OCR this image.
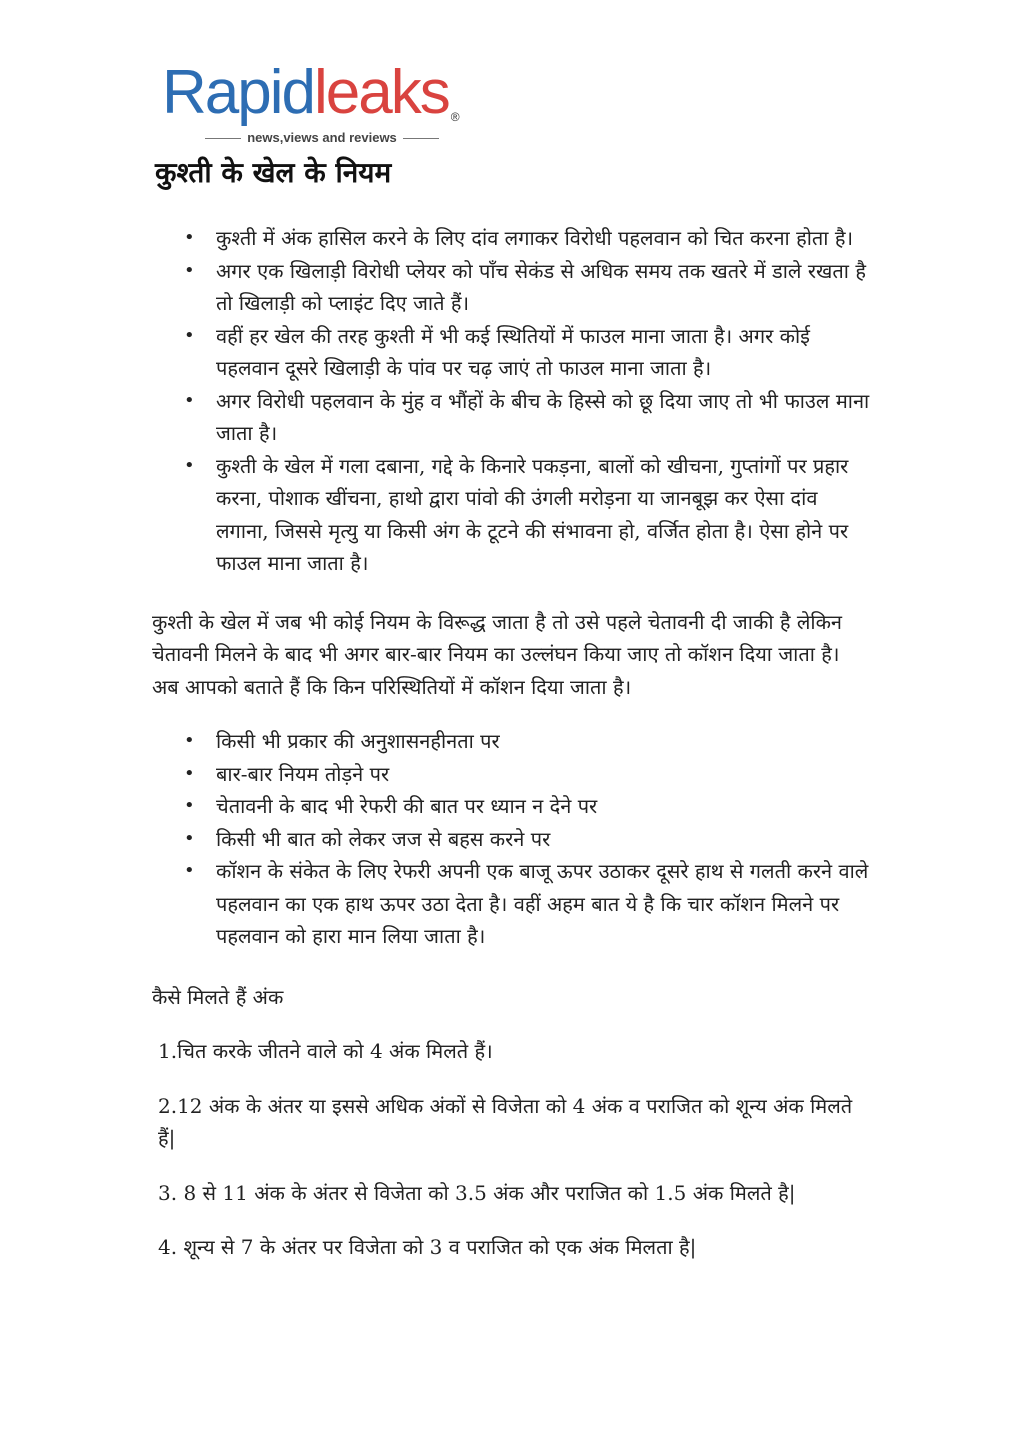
Rapidleaks ®
news,views and reviews
कुश्ती के खेल के नियम
• कुश्ती में अंक हासिल करने के लिए दांव लगाकर विरोधी पहलवान को चित करना होता है।
• अगर एक खिलाड़ी विरोधी प्लेयर को पाँच सेकंड से अधिक समय तक खतरे में डाले रखता है तो खिलाड़ी को प्लाइंट दिए जाते हैं।
• वहीं हर खेल की तरह कुश्ती में भी कई स्थितियों में फाउल माना जाता है। अगर कोई पहलवान दूसरे खिलाड़ी के पांव पर चढ़ जाएं तो फाउल माना जाता है।
• अगर विरोधी पहलवान के मुंह व भौंहों के बीच के हिस्से को छू दिया जाए तो भी फाउल माना जाता है।
• कुश्ती के खेल में गला दबाना, गद्दे के किनारे पकड़ना, बालों को खीचना, गुप्तांगों पर प्रहार करना, पोशाक खींचना, हाथो द्वारा पांवो की उंगली मरोड़ना या जानबूझ कर ऐसा दांव लगाना, जिससे मृत्यु या किसी अंग के टूटने की संभावना हो, वर्जित होता है। ऐसा होने पर फाउल माना जाता है।

कुश्ती के खेल में जब भी कोई नियम के विरूद्ध जाता है तो उसे पहले चेतावनी दी जाकी है लेकिन चेतावनी मिलने के बाद भी अगर बार-बार नियम का उल्लंघन किया जाए तो कॉशन दिया जाता है। अब आपको बताते हैं कि किन परिस्थितियों में कॉशन दिया जाता है।

• किसी भी प्रकार की अनुशासनहीनता पर
• बार-बार नियम तोड़ने पर
• चेतावनी के बाद भी रेफरी की बात पर ध्यान न देने पर
• किसी भी बात को लेकर जज से बहस करने पर
• कॉशन के संकेत के लिए रेफरी अपनी एक बाजू ऊपर उठाकर दूसरे हाथ से गलती करने वाले पहलवान का एक हाथ ऊपर उठा देता है। वहीं अहम बात ये है कि चार कॉशन मिलने पर पहलवान को हारा मान लिया जाता है।

कैसे मिलते हैं अंक

1.चित करके जीतने वाले को 4 अंक मिलते हैं।

2.12 अंक के अंतर या इससे अधिक अंकों से विजेता को 4 अंक व पराजित को शून्य अंक मिलते हैं|

3. 8 से 11 अंक के अंतर से विजेता को 3.5 अंक और पराजित को 1.5 अंक मिलते है|

4. शून्य से 7 के अंतर पर विजेता को 3 व पराजित को एक अंक मिलता है|
